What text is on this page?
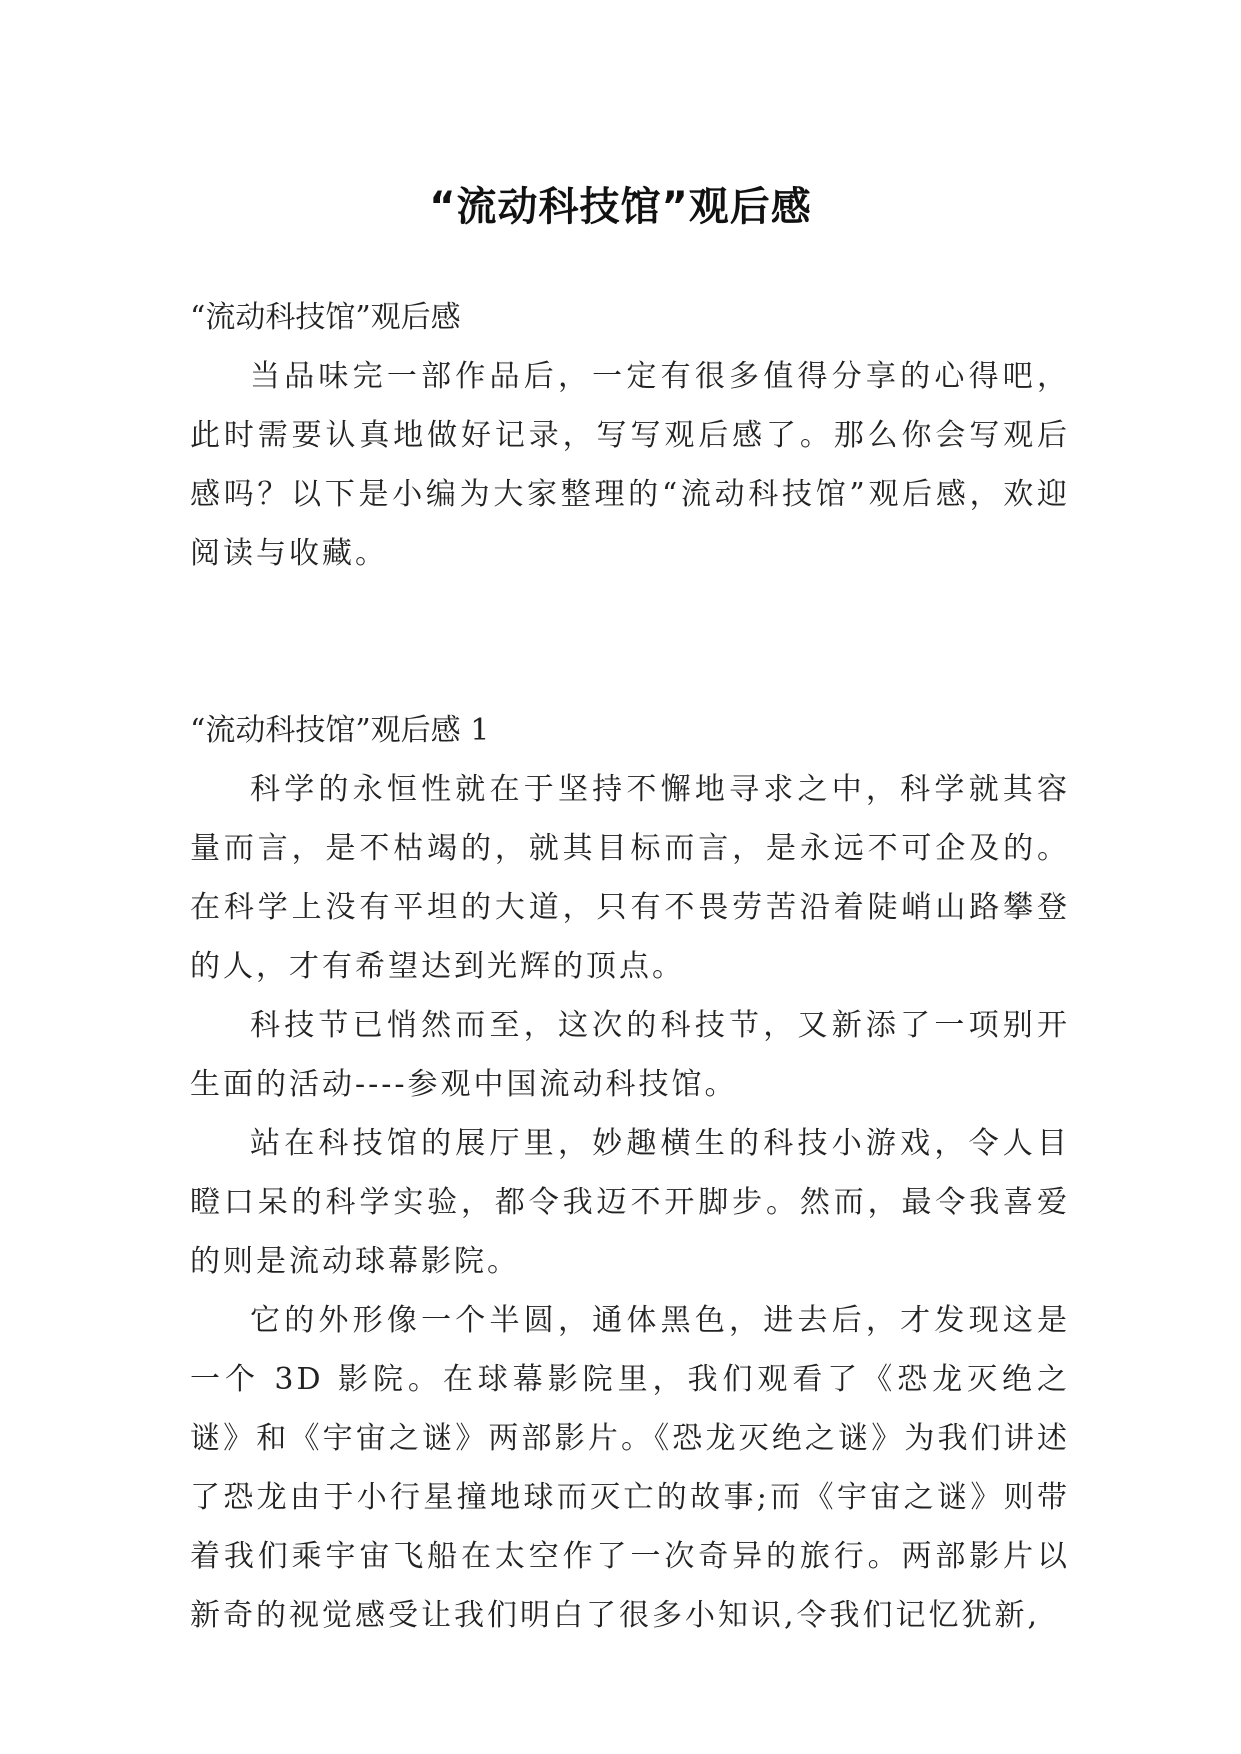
“流动科技馆”观后感

“流动科技馆”观后感

当品味完一部作品后，一定有很多值得分享的心得吧，此时需要认真地做好记录，写写观后感了。那么你会写观后感吗？以下是小编为大家整理的“流动科技馆”观后感，欢迎阅读与收藏。

“流动科技馆”观后感 1

科学的永恒性就在于坚持不懈地寻求之中，科学就其容量而言，是不枯竭的，就其目标而言，是永远不可企及的。在科学上没有平坦的大道，只有不畏劳苦沿着陡峭山路攀登的人，才有希望达到光辉的顶点。

科技节已悄然而至，这次的科技节，又新添了一项别开生面的活动----参观中国流动科技馆。

站在科技馆的展厅里，妙趣横生的科技小游戏，令人目瞪口呆的科学实验，都令我迈不开脚步。然而，最令我喜爱的则是流动球幕影院。

它的外形像一个半圆，通体黑色，进去后，才发现这是一个 3D 影院。在球幕影院里，我们观看了《恐龙灭绝之谜》和《宇宙之谜》两部影片。《恐龙灭绝之谜》为我们讲述了恐龙由于小行星撞地球而灭亡的故事;而《宇宙之谜》则带着我们乘宇宙飞船在太空作了一次奇异的旅行。两部影片以新奇的视觉感受让我们明白了很多小知识,令我们记忆犹新,
